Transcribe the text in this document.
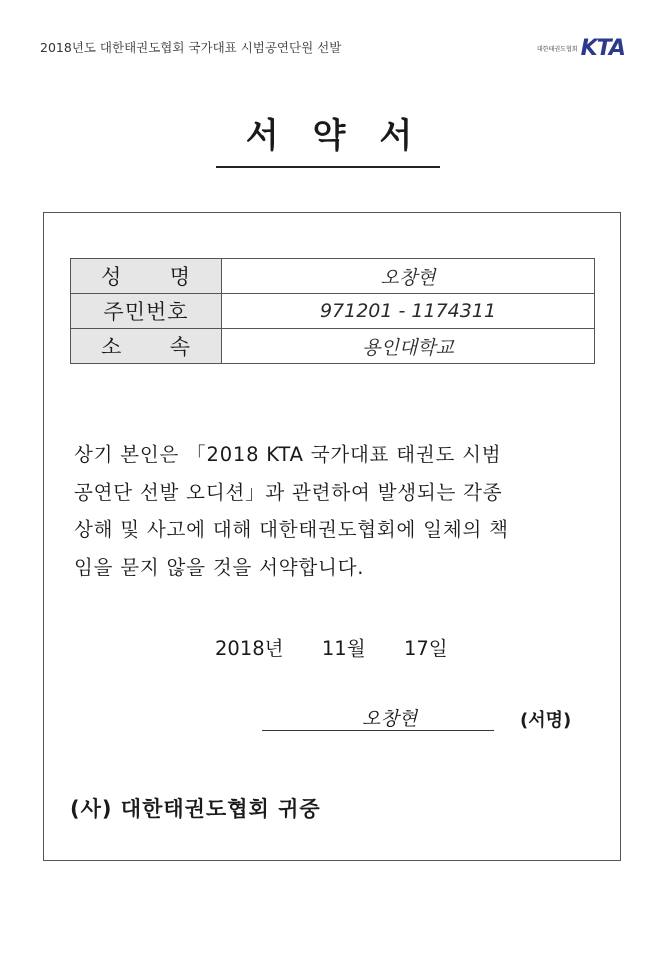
2018년도 대한태권도협회 국가대표 시범공연단원 선발	대한태권도협회 KTA
서약서
성 명	오창현
주민번호	971201 - 1174311

소 속	용인대학교
상기 본인은 「2018 KTA 국가대표 태권도 시범
공연단 선발 오디션」과 관련하여 발생되는 각종
상해 및 사고에 대해 대한태권도협회에 일체의 책
임을 묻지 않을 것을 서약합니다.
2018년 11월 17일
오창현	(서명)
(사) 대한태권도협회 귀중
